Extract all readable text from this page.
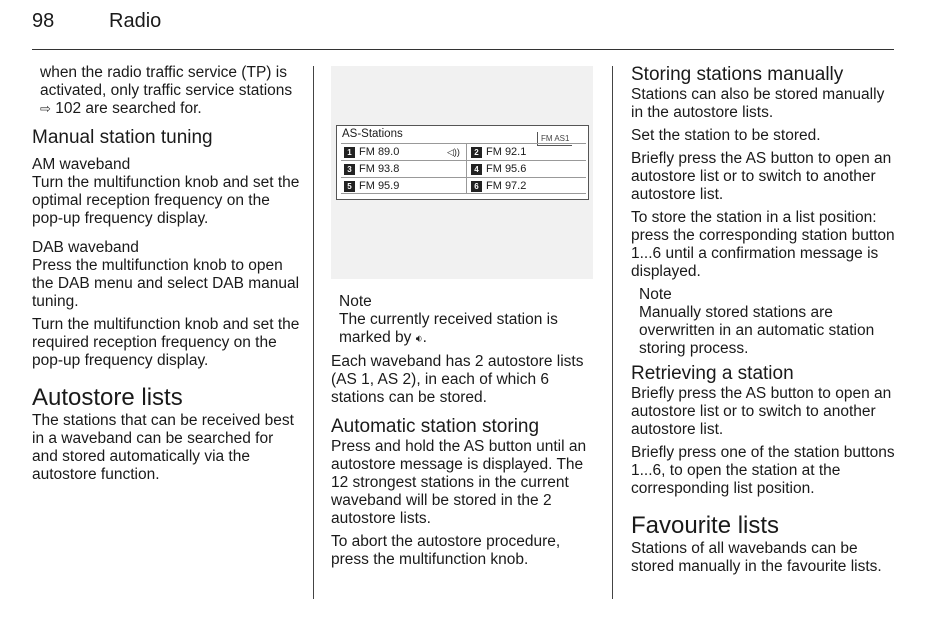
98	Radio

when the radio traffic service (TP) is activated, only traffic service stations ⇨ 102 are searched for.

Manual station tuning
AM waveband

Turn the multifunction knob and set the optimal reception frequency on the pop-up frequency display.

DAB waveband

Press the multifunction knob to open the DAB menu and select DAB manual tuning.

Turn the multifunction knob and set the required reception frequency on the pop-up frequency display.

Autostore lists

The stations that can be received best in a waveband can be searched for and stored automatically via the autostore function.

AS-Stations	FM AS1
1 FM 89.0	◁))	2 FM 92.1
3 FM 93.8	4 FM 95.6
5 FM 95.9	6 FM 97.2

Note

The currently received station is marked by 🔉︎.

Each waveband has 2 autostore lists (AS 1, AS 2), in each of which 6 stations can be stored.

Automatic station storing

Press and hold the AS button until an autostore message is displayed. The 12 strongest stations in the current waveband will be stored in the 2 autostore lists.

To abort the autostore procedure, press the multifunction knob.

Storing stations manually

Stations can also be stored manually in the autostore lists.

Set the station to be stored.

Briefly press the AS button to open an autostore list or to switch to another autostore list.

To store the station in a list position: press the corresponding station button 1...6 until a confirmation message is displayed.

Note

Manually stored stations are overwritten in an automatic station storing process.

Retrieving a station

Briefly press the AS button to open an autostore list or to switch to another autostore list.

Briefly press one of the station buttons 1...6, to open the station at the corresponding list position.

Favourite lists

Stations of all wavebands can be stored manually in the favourite lists.
